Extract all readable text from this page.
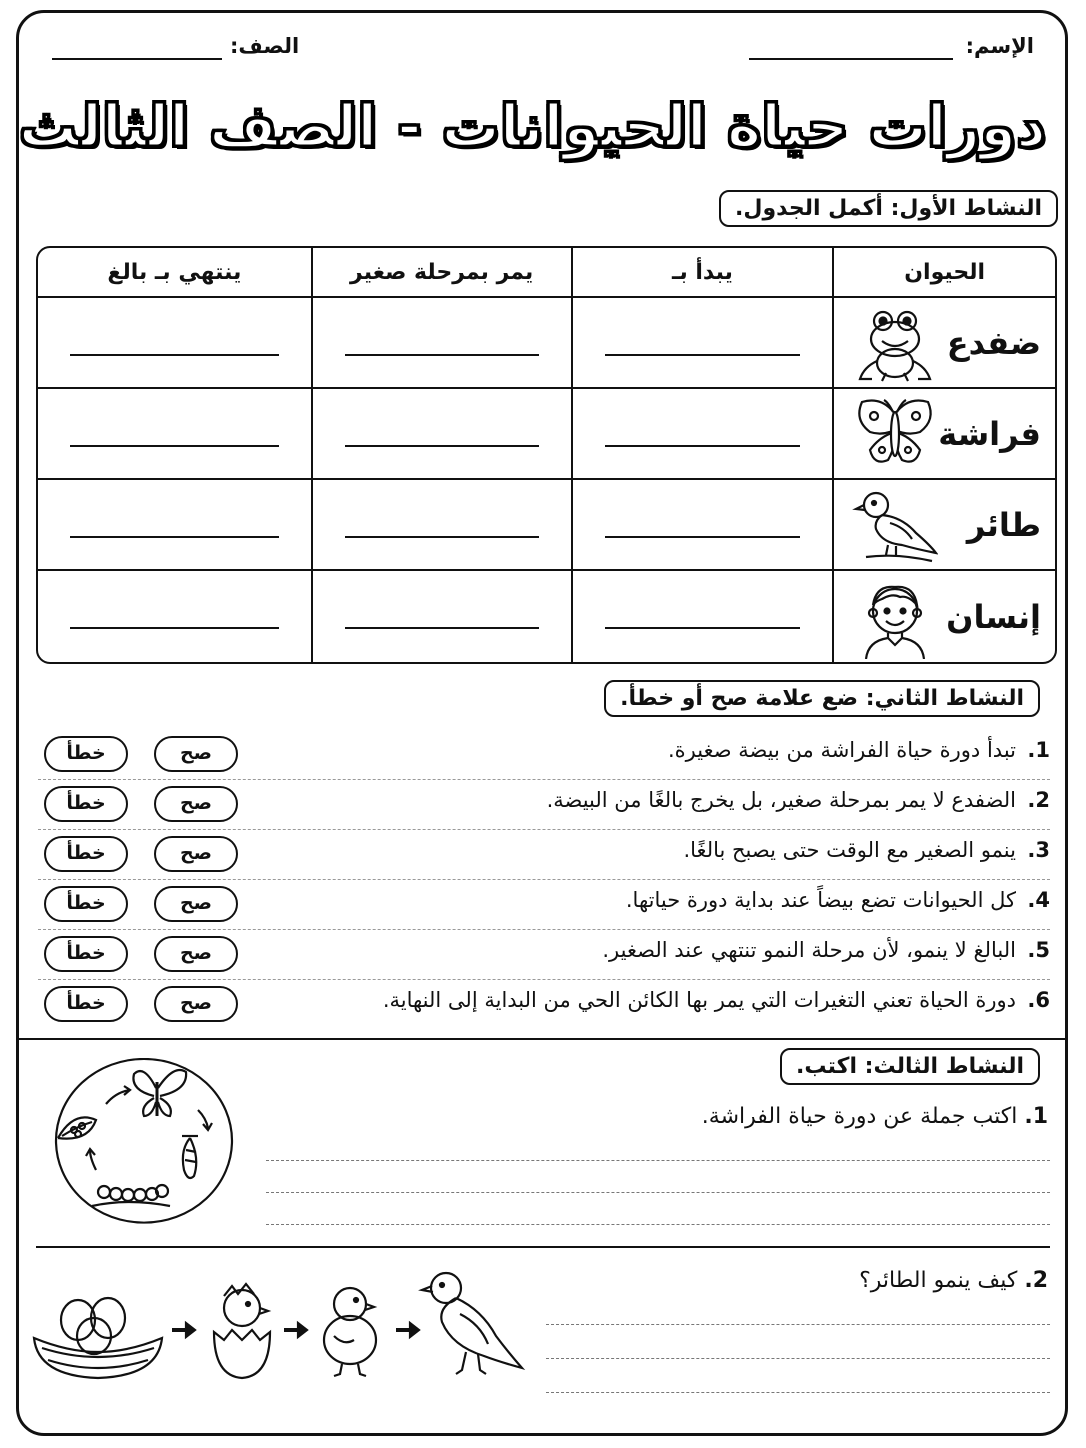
الإسم:
الصف:
دورات حياة الحيوانات - الصف الثالث
النشاط الأول: أكمل الجدول.
الحيوان	يبدأ بـ	يمر بمرحلة صغير	ينتهي بـ بالغ

ضفدع			

فراشة			

طائر			

إنسان			

النشاط الثاني: ضع علامة صح أو خطأ.
1.
تبدأ دورة حياة الفراشة من بيضة صغيرة.
صح
خطأ
2.
الضفدع لا يمر بمرحلة صغير، بل يخرج بالغًا من البيضة.
صح
خطأ
3.
ينمو الصغير مع الوقت حتى يصبح بالغًا.
صح
خطأ
4.
كل الحيوانات تضع بيضاً عند بداية دورة حياتها.
صح
خطأ
5.
البالغ لا ينمو، لأن مرحلة النمو تنتهي عند الصغير.
صح
خطأ
6.
دورة الحياة تعني التغيرات التي يمر بها الكائن الحي من البداية إلى النهاية.
صح
خطأ
النشاط الثالث: اكتب.
1. اكتب جملة عن دورة حياة الفراشة.
2. كيف ينمو الطائر؟
